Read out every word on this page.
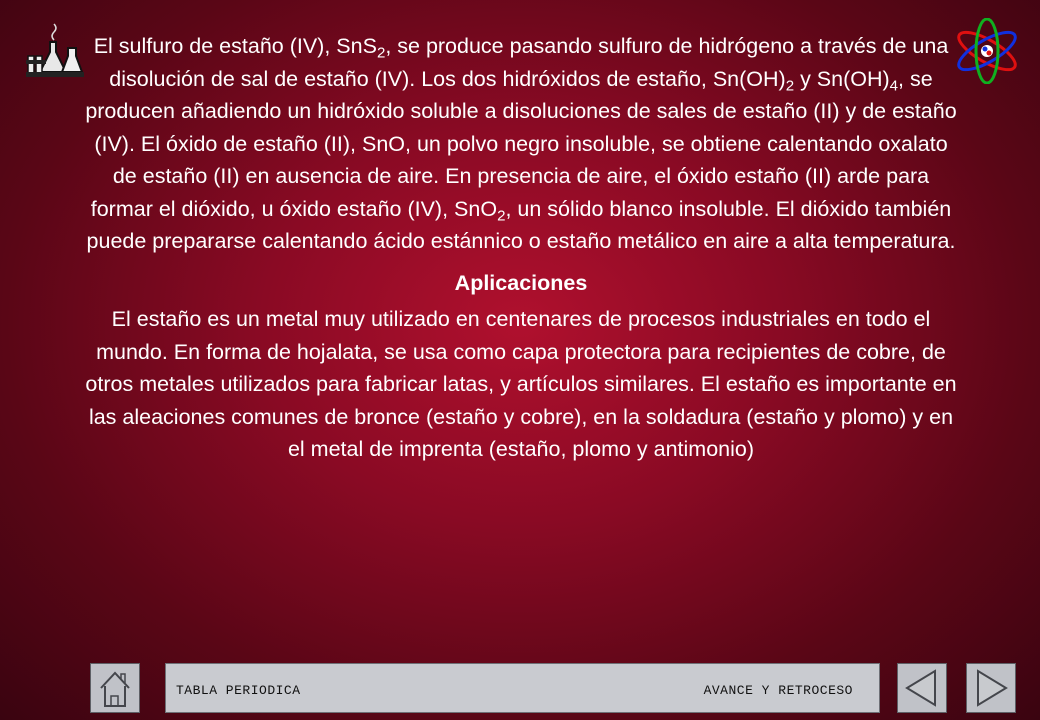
El sulfuro de estaño (IV), SnS$_2$, se produce pasando sulfuro de hidrógeno a través de una disolución de sal de estaño (IV). Los dos hidróxidos de estaño, $Sn(OH)_2$ y $Sn(OH)_4$, se producen añadiendo un hidróxido soluble a disoluciones de sales de estaño (II) y de estaño (IV). El óxido de estaño (II), SnO, un polvo negro insoluble, se obtiene calentando oxalato de estaño (II) en ausencia de aire. En presencia de aire, el óxido estaño (II) arde para formar el dióxido, u óxido estaño (IV), SnO$_2$, un sólido blanco insoluble. El dióxido también puede prepararse calentando ácido estánnico o estaño metálico en aire a alta temperatura.

Aplicaciones

El estaño es un metal muy utilizado en centenares de procesos industriales en todo el mundo. En forma de hojalata, se usa como capa protectora para recipientes de cobre, de otros metales utilizados para fabricar latas, y artículos similares. El estaño es importante en las aleaciones comunes de bronce (estaño y cobre), en la soldadura (estaño y plomo) y en el metal de imprenta (estaño, plomo y antimonio)

TABLA PERIODICA	AVANCE Y RETROCESO
